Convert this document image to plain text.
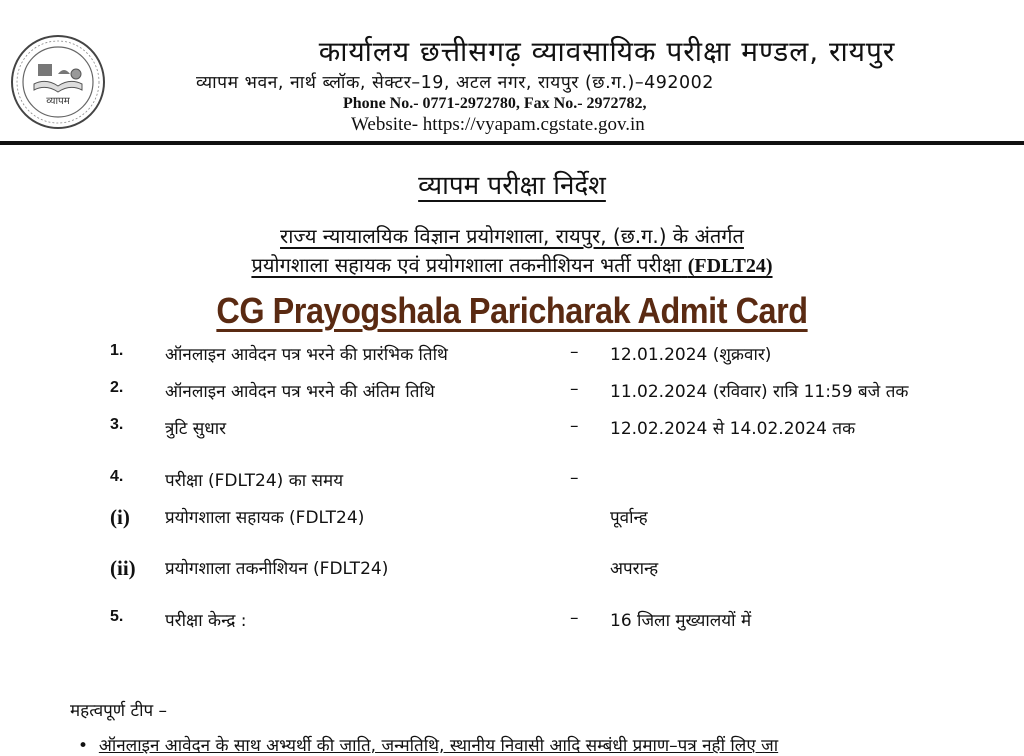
व्यापम
कार्यालय छत्तीसगढ़ व्यावसायिक परीक्षा मण्डल, रायपुर
व्यापम भवन, नार्थ ब्लॉक, सेक्टर–19, अटल नगर, रायपुर (छ.ग.)–492002
Phone No.- 0771-2972780, Fax No.- 2972782,
Website- https://vyapam.cgstate.gov.in
व्यापम परीक्षा निर्देश
राज्य न्यायालयिक विज्ञान प्रयोगशाला, रायपुर, (छ.ग.) के अंतर्गत
प्रयोगशाला सहायक एवं प्रयोगशाला तकनीशियन भर्ती परीक्षा (FDLT24)
CG Prayogshala Paricharak Admit Card
1. ऑनलाइन आवेदन पत्र भरने की प्रारंभिक तिथि	– 12.01.2024 (शुक्रवार)
2. ऑनलाइन आवेदन पत्र भरने की अंतिम तिथि	– 11.02.2024 (रविवार) रात्रि 11:59 बजे तक
3. त्रुटि सुधार	– 12.02.2024 से 14.02.2024 तक
4. परीक्षा (FDLT24) का समय	–
(i) प्रयोगशाला सहायक (FDLT24)	पूर्वान्ह
(ii) प्रयोगशाला तकनीशियन (FDLT24)	अपरान्ह
5. परीक्षा केन्द्र :	– 16 जिला मुख्यालयों में
महत्वपूर्ण टीप –
• ऑनलाइन आवेदन के साथ अभ्यर्थी की जाति, जन्मतिथि, स्थानीय निवासी आदि सम्बंधी प्रमाण–पत्र नहीं लिए जा
